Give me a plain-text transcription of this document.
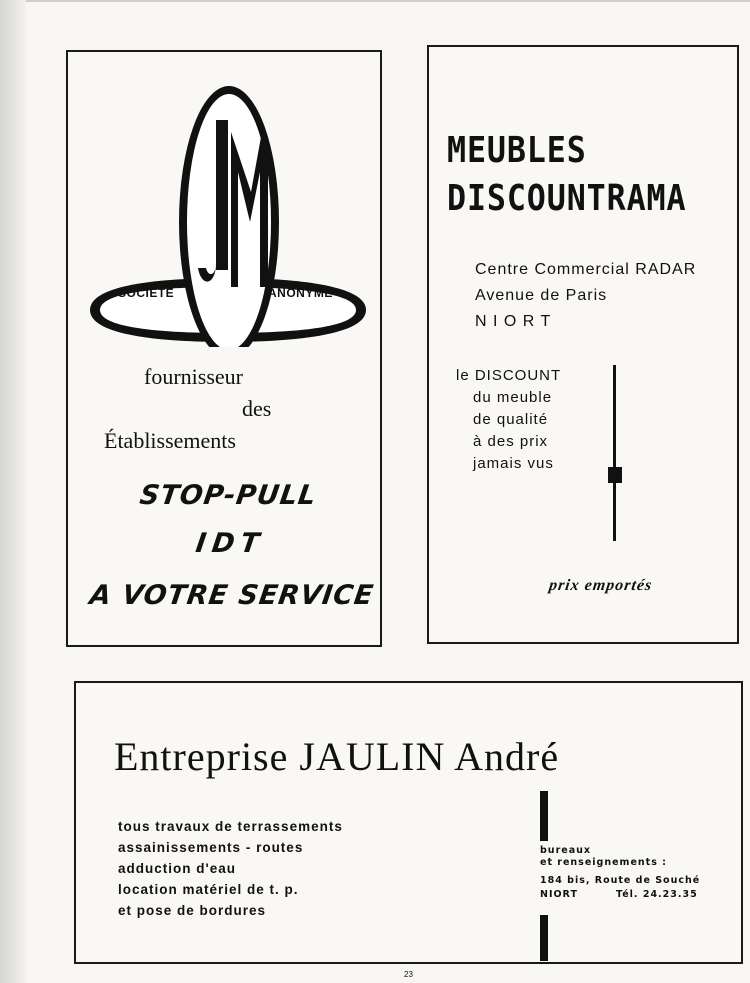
SOCIETE	ANONYME
fournisseur
des
Établissements
STOP-PULL
IDT
A VOTRE SERVICE
MEUBLES
DISCOUNTRAMA
Centre Commercial RADAR
Avenue de Paris
N I O R T
le DISCOUNT
du meuble
de qualité
à des prix
jamais vus
prix emportés
Entreprise JAULIN André
tous travaux de terrassements
assainissements - routes
adduction d'eau
location matériel de t. p.
et pose de bordures
bureaux
et renseignements :
184 bis, Route de Souché
NIORT	Tél. 24.23.35
23
